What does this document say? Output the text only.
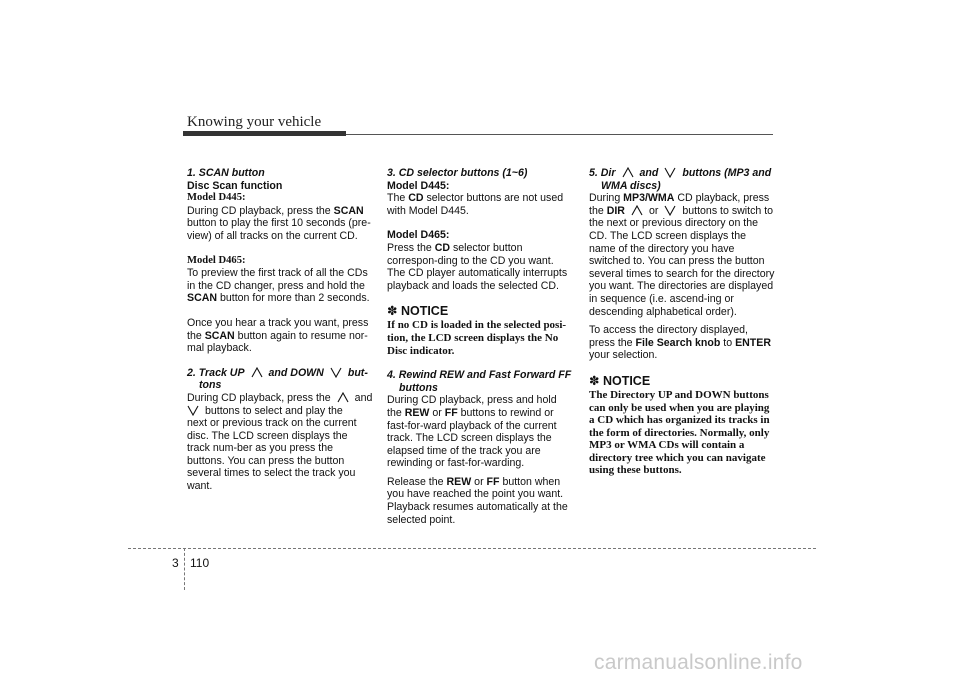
Knowing your vehicle
1. SCAN button
Disc Scan function
Model D445:

During CD playback, press the SCAN button to play the first 10 seconds (pre-view) of all tracks on the current CD.

Model D465:

To preview the first track of all the CDs in the CD changer, press and hold the SCAN button for more than 2 seconds.

Once you hear a track you want, press the SCAN button again to resume nor-mal playback.

2. Track UP and DOWN but-
tons

During CD playback, press the and
buttons to select and play the
next or previous track on the current disc. The LCD screen displays the track num-ber as you press the buttons. You can press the button several times to select the track you want.

3. CD selector buttons (1~6)
Model D445:

The CD selector buttons are not used with Model D445.

Model D465:

Press the CD selector button correspon-ding to the CD you want. The CD player automatically interrupts playback and loads the selected CD.

✽ NOTICE

If no CD is loaded in the selected posi-tion, the LCD screen displays the No Disc indicator.

4. Rewind REW and Fast Forward FF
buttons

During CD playback, press and hold the REW or FF buttons to rewind or fast-for-ward playback of the current track. The LCD screen displays the elapsed time of the track you are rewinding or fast-for-warding.

Release the REW or FF button when you have reached the point you want. Playback resumes automatically at the selected point.

5. Dir and buttons (MP3 and
WMA discs)

During MP3/WMA CD playback, press the DIR or buttons to switch to the next or previous directory on the CD. The LCD screen displays the name of the directory you have switched to. You can press the button several times to search for the directory you want. The directories are displayed in sequence (i.e. ascend-ing or descending alphabetical order).

To access the directory displayed, press the File Search knob to ENTER your selection.

✽ NOTICE

The Directory UP and DOWN buttons can only be used when you are playing a CD which has organized its tracks in the form of directories. Normally, only MP3 or WMA CDs will contain a directory tree which you can navigate using these buttons.

3 110
carmanualsonline.info
